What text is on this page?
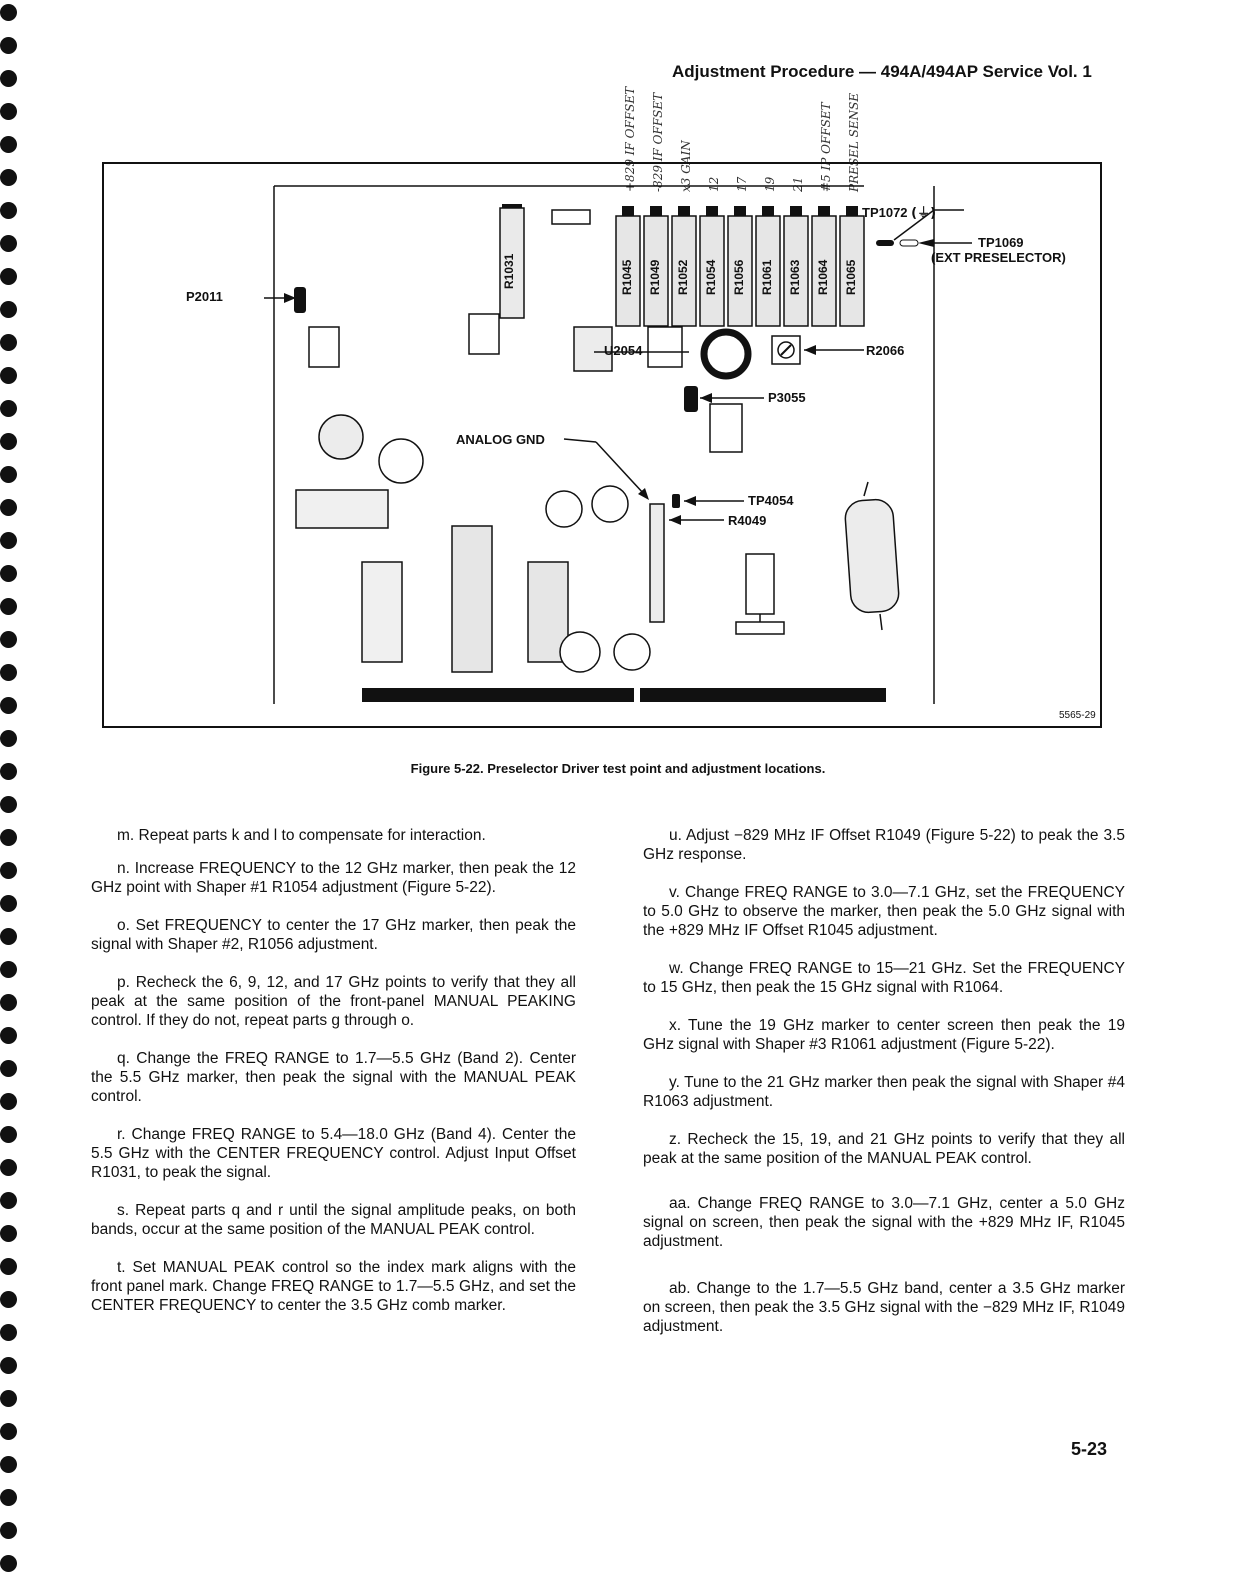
Adjustment Procedure — 494A/494AP Service Vol. 1
+829 IF OFFSET -829 IF OFFSET x3 GAIN 12 17 19 21 #5 IP OFFSET PRESEL SENSE
TP1072 (⏚)
TP1069
(EXT PRESELECTOR)
P2011
U2054	R2066
P3055
ANALOG GND
TP4054
R4049
R1031	R1045 R1049 R1052 R1054 R1056 R1061 R1063 R1064 R1065
5565-29
Figure 5-22. Preselector Driver test point and adjustment locations.

m. Repeat parts k and l to compensate for interaction.

n. Increase FREQUENCY to the 12 GHz marker, then peak the 12 GHz point with Shaper #1 R1054 adjustment (Figure 5-22).

o. Set FREQUENCY to center the 17 GHz marker, then peak the signal with Shaper #2, R1056 adjustment.

p. Recheck the 6, 9, 12, and 17 GHz points to verify that they all peak at the same position of the front-panel MANUAL PEAKING control. If they do not, repeat parts g through o.

q. Change the FREQ RANGE to 1.7—5.5 GHz (Band 2). Center the 5.5 GHz marker, then peak the signal with the MANUAL PEAK control.

r. Change FREQ RANGE to 5.4—18.0 GHz (Band 4). Center the 5.5 GHz with the CENTER FREQUENCY control. Adjust Input Offset R1031, to peak the signal.

s. Repeat parts q and r until the signal amplitude peaks, on both bands, occur at the same position of the MANUAL PEAK control.

t. Set MANUAL PEAK control so the index mark aligns with the front panel mark. Change FREQ RANGE to 1.7—5.5 GHz, and set the CENTER FREQUENCY to center the 3.5 GHz comb marker.

u. Adjust −829 MHz IF Offset R1049 (Figure 5-22) to peak the 3.5 GHz response.

v. Change FREQ RANGE to 3.0—7.1 GHz, set the FREQUENCY to 5.0 GHz to observe the marker, then peak the 5.0 GHz signal with the +829 MHz IF Offset R1045 adjustment.

w. Change FREQ RANGE to 15—21 GHz. Set the FREQUENCY to 15 GHz, then peak the 15 GHz signal with R1064.

x. Tune the 19 GHz marker to center screen then peak the 19 GHz signal with Shaper #3 R1061 adjustment (Figure 5-22).

y. Tune to the 21 GHz marker then peak the signal with Shaper #4 R1063 adjustment.

z. Recheck the 15, 19, and 21 GHz points to verify that they all peak at the same position of the MANUAL PEAK control.

aa. Change FREQ RANGE to 3.0—7.1 GHz, center a 5.0 GHz signal on screen, then peak the signal with the +829 MHz IF, R1045 adjustment.

ab. Change to the 1.7—5.5 GHz band, center a 3.5 GHz marker on screen, then peak the 3.5 GHz signal with the −829 MHz IF, R1049 adjustment.

5-23
